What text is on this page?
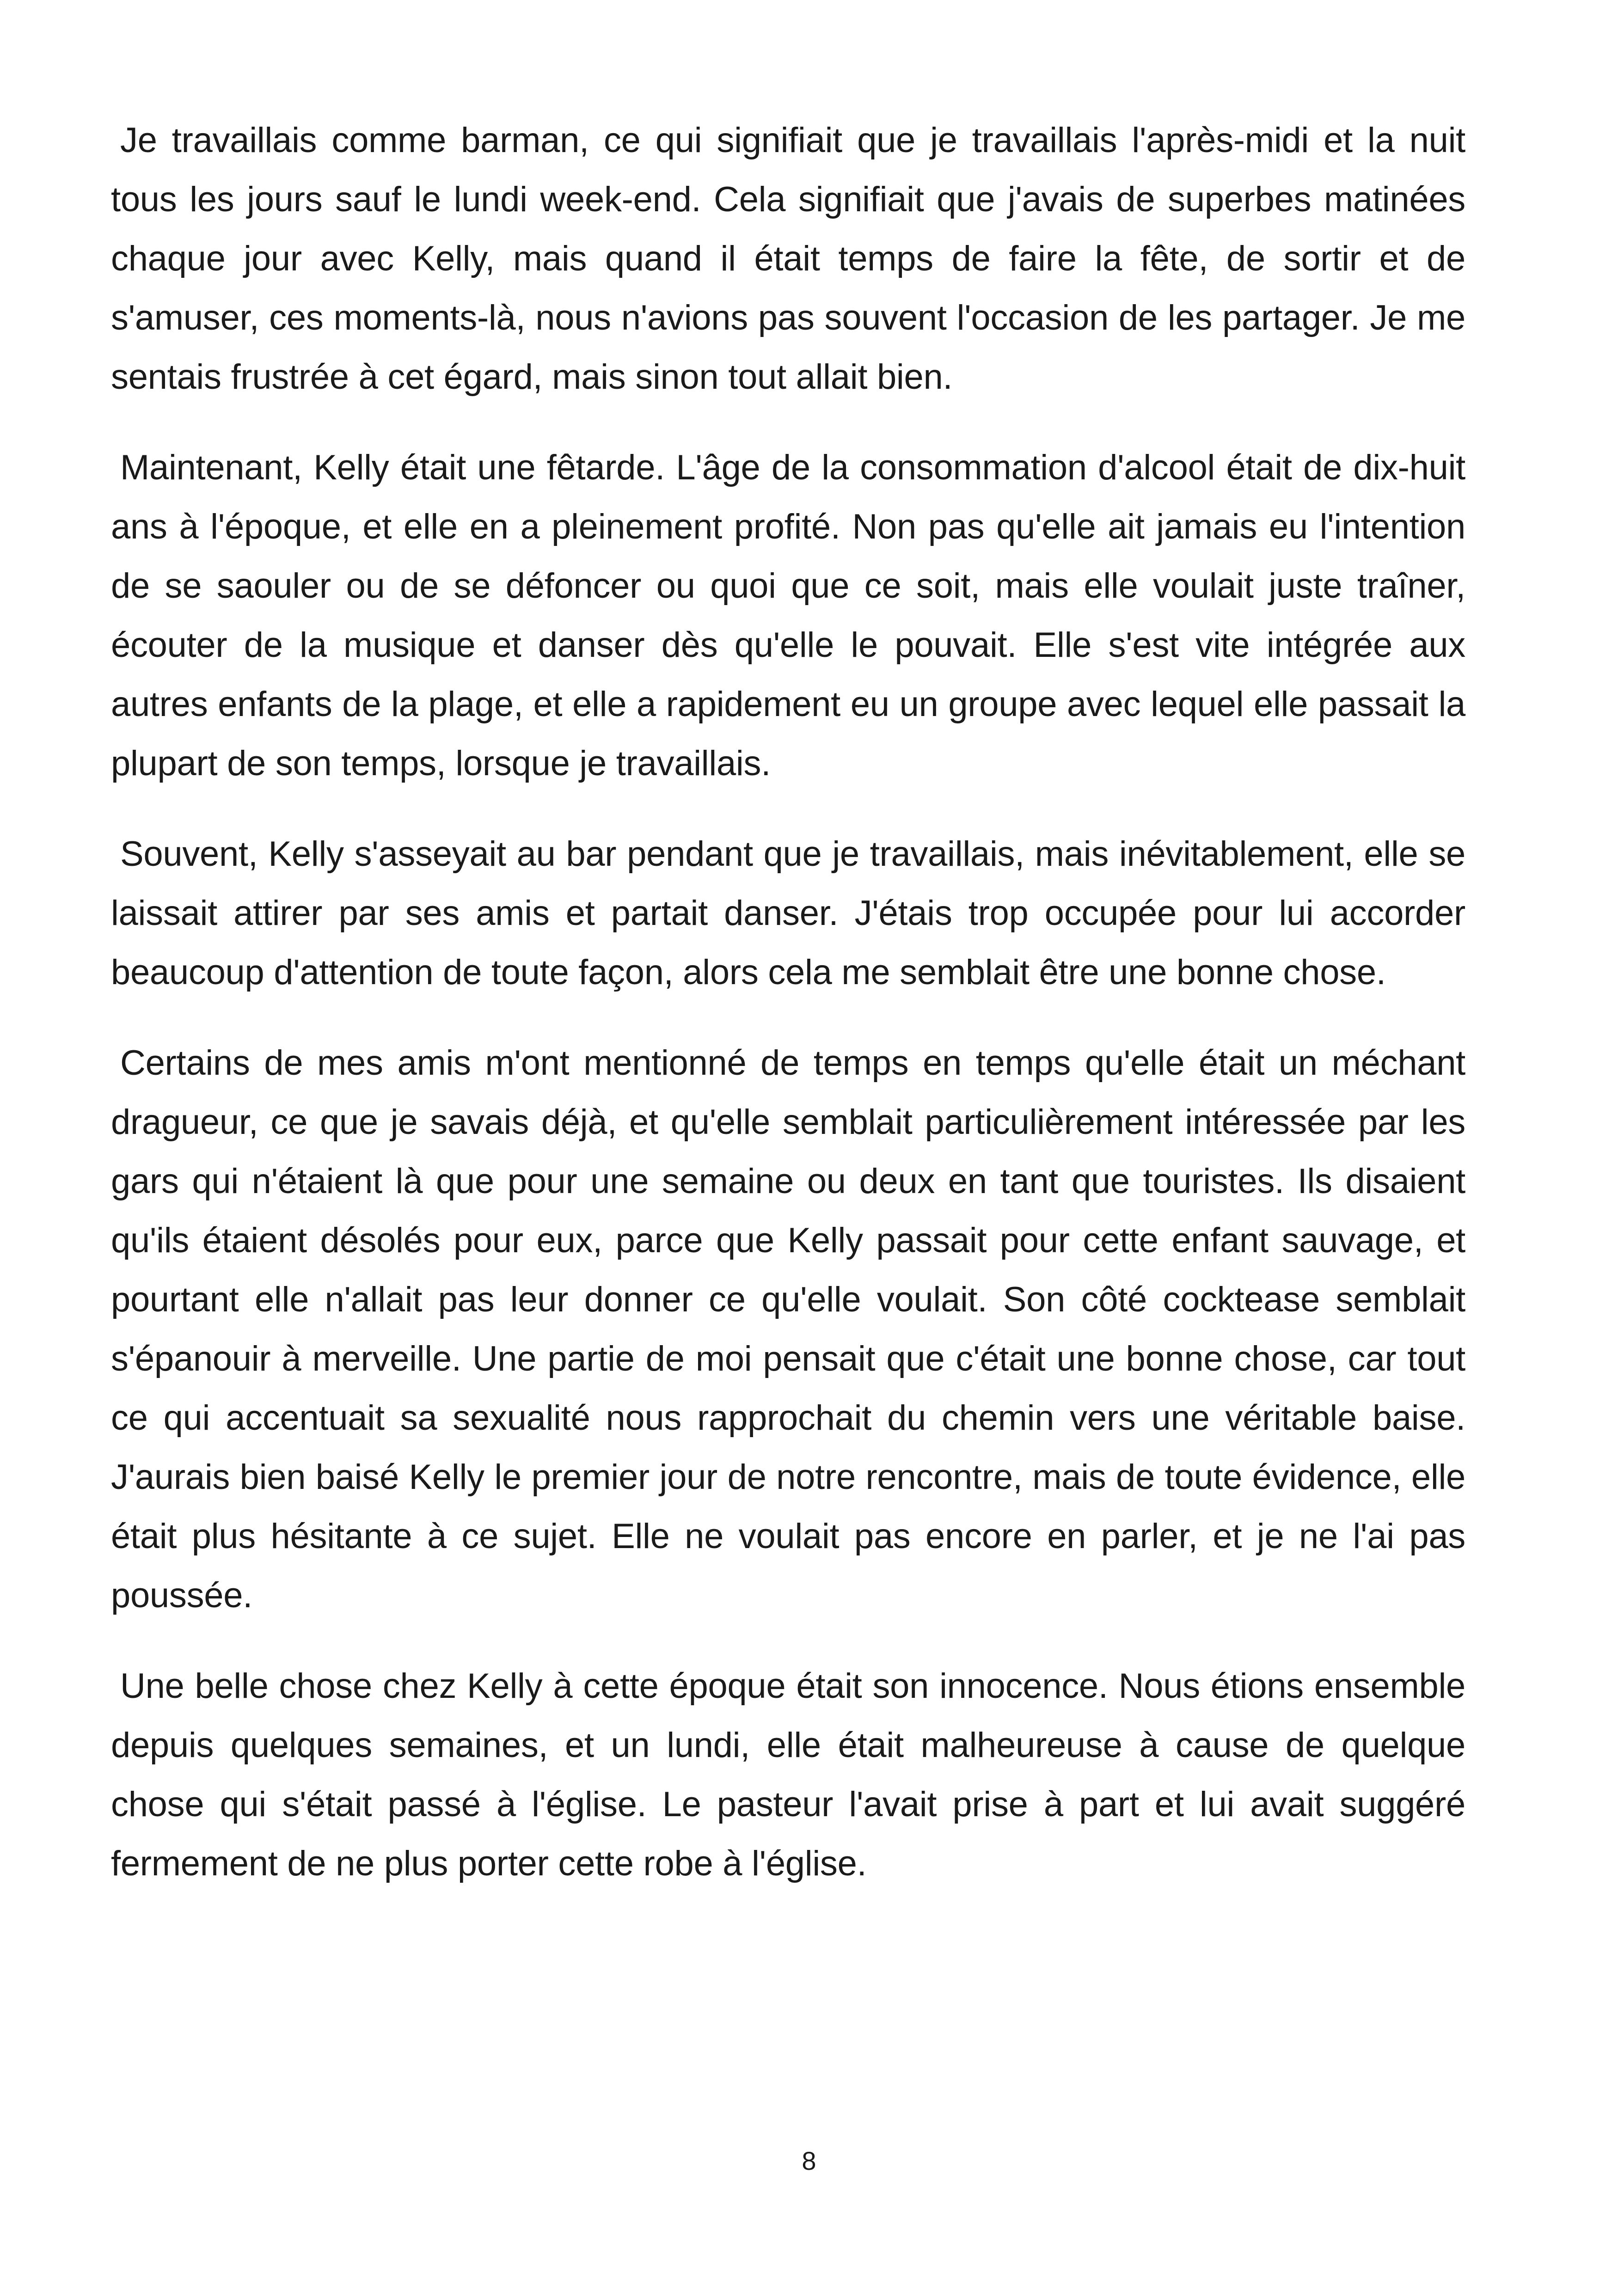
Je travaillais comme barman, ce qui signifiait que je travaillais l'après-midi et la nuit tous les jours sauf le lundi week-end. Cela signifiait que j'avais de superbes matinées chaque jour avec Kelly, mais quand il était temps de faire la fête, de sortir et de s'amuser, ces moments-là, nous n'avions pas souvent l'occasion de les partager. Je me sentais frustrée à cet égard, mais sinon tout allait bien.

Maintenant, Kelly était une fêtarde. L'âge de la consommation d'alcool était de dix-huit ans à l'époque, et elle en a pleinement profité. Non pas qu'elle ait jamais eu l'intention de se saouler ou de se défoncer ou quoi que ce soit, mais elle voulait juste traîner, écouter de la musique et danser dès qu'elle le pouvait. Elle s'est vite intégrée aux autres enfants de la plage, et elle a rapidement eu un groupe avec lequel elle passait la plupart de son temps, lorsque je travaillais.

Souvent, Kelly s'asseyait au bar pendant que je travaillais, mais inévitablement, elle se laissait attirer par ses amis et partait danser. J'étais trop occupée pour lui accorder beaucoup d'attention de toute façon, alors cela me semblait être une bonne chose.

Certains de mes amis m'ont mentionné de temps en temps qu'elle était un méchant dragueur, ce que je savais déjà, et qu'elle semblait particulièrement intéressée par les gars qui n'étaient là que pour une semaine ou deux en tant que touristes. Ils disaient qu'ils étaient désolés pour eux, parce que Kelly passait pour cette enfant sauvage, et pourtant elle n'allait pas leur donner ce qu'elle voulait. Son côté cocktease semblait s'épanouir à merveille. Une partie de moi pensait que c'était une bonne chose, car tout ce qui accentuait sa sexualité nous rapprochait du chemin vers une véritable baise. J'aurais bien baisé Kelly le premier jour de notre rencontre, mais de toute évidence, elle était plus hésitante à ce sujet. Elle ne voulait pas encore en parler, et je ne l'ai pas poussée.

Une belle chose chez Kelly à cette époque était son innocence. Nous étions ensemble depuis quelques semaines, et un lundi, elle était malheureuse à cause de quelque chose qui s'était passé à l'église. Le pasteur l'avait prise à part et lui avait suggéré fermement de ne plus porter cette robe à l'église.

8
